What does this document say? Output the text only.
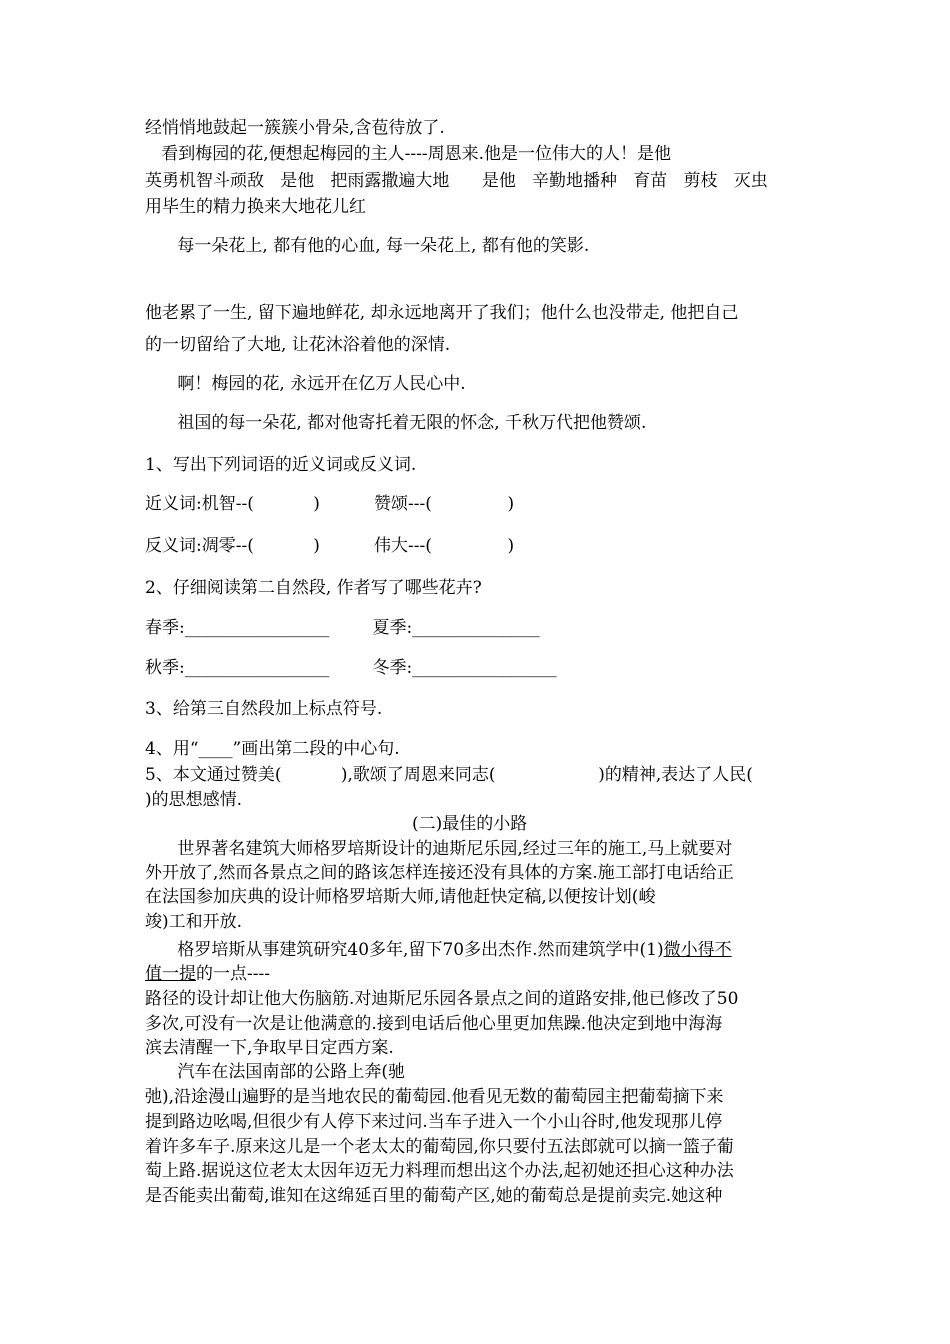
经悄悄地鼓起一簇簇小骨朵,含苞待放了.

看到梅园的花,便想起梅园的主人----周恩来.他是一位伟大的人！是他

英勇机智斗顽敌   是他   把雨露撒遍大地      是他   辛勤地播种   育苗   剪枝   灭虫

用毕生的精力换来大地花儿红

每一朵花上, 都有他的心血, 每一朵花上, 都有他的笑影.

他老累了一生, 留下遍地鲜花, 却永远地离开了我们；他什么也没带走, 他把自己

的一切留给了大地, 让花沐浴着他的深情.

啊！梅园的花, 永远开在亿万人民心中.

祖国的每一朵花, 都对他寄托着无限的怀念, 千秋万代把他赞颂.

1、写出下列词语的近义词或反义词.

近义词:机智--(           )          赞颂---(              )

反义词:凋零--(           )          伟大---(              )

2、仔细阅读第二自然段, 作者写了哪些花卉?

春季:_________________        夏季:_______________

秋季:_________________        冬季:_________________

3、给第三自然段加上标点符号.

4、用“____”画出第二段的中心句.

5、本文通过赞美(           ),歌颂了周恩来同志(                   )的精神,表达了人民(

)的思想感情.

(二)最佳的小路

世界著名建筑大师格罗培斯设计的迪斯尼乐园,经过三年的施工,马上就要对

外开放了,然而各景点之间的路该怎样连接还没有具体的方案.施工部打电话给正

在法国参加庆典的设计师格罗培斯大师,请他赶快定稿,以便按计划(峻

竣)工和开放.

格罗培斯从事建筑研究40多年,留下70多出杰作.然而建筑学中(1)微小得不

值一提的一点----

路径的设计却让他大伤脑筋.对迪斯尼乐园各景点之间的道路安排,他已修改了50

多次,可没有一次是让他满意的.接到电话后他心里更加焦躁.他决定到地中海海

滨去清醒一下,争取早日定西方案.

汽车在法国南部的公路上奔(驰

弛),沿途漫山遍野的是当地农民的葡萄园.他看见无数的葡萄园主把葡萄摘下来

提到路边吆喝,但很少有人停下来过问.当车子进入一个小山谷时,他发现那儿停

着许多车子.原来这儿是一个老太太的葡萄园,你只要付五法郎就可以摘一篮子葡

萄上路.据说这位老太太因年迈无力料理而想出这个办法,起初她还担心这种办法

是否能卖出葡萄,谁知在这绵延百里的葡萄产区,她的葡萄总是提前卖完.她这种
